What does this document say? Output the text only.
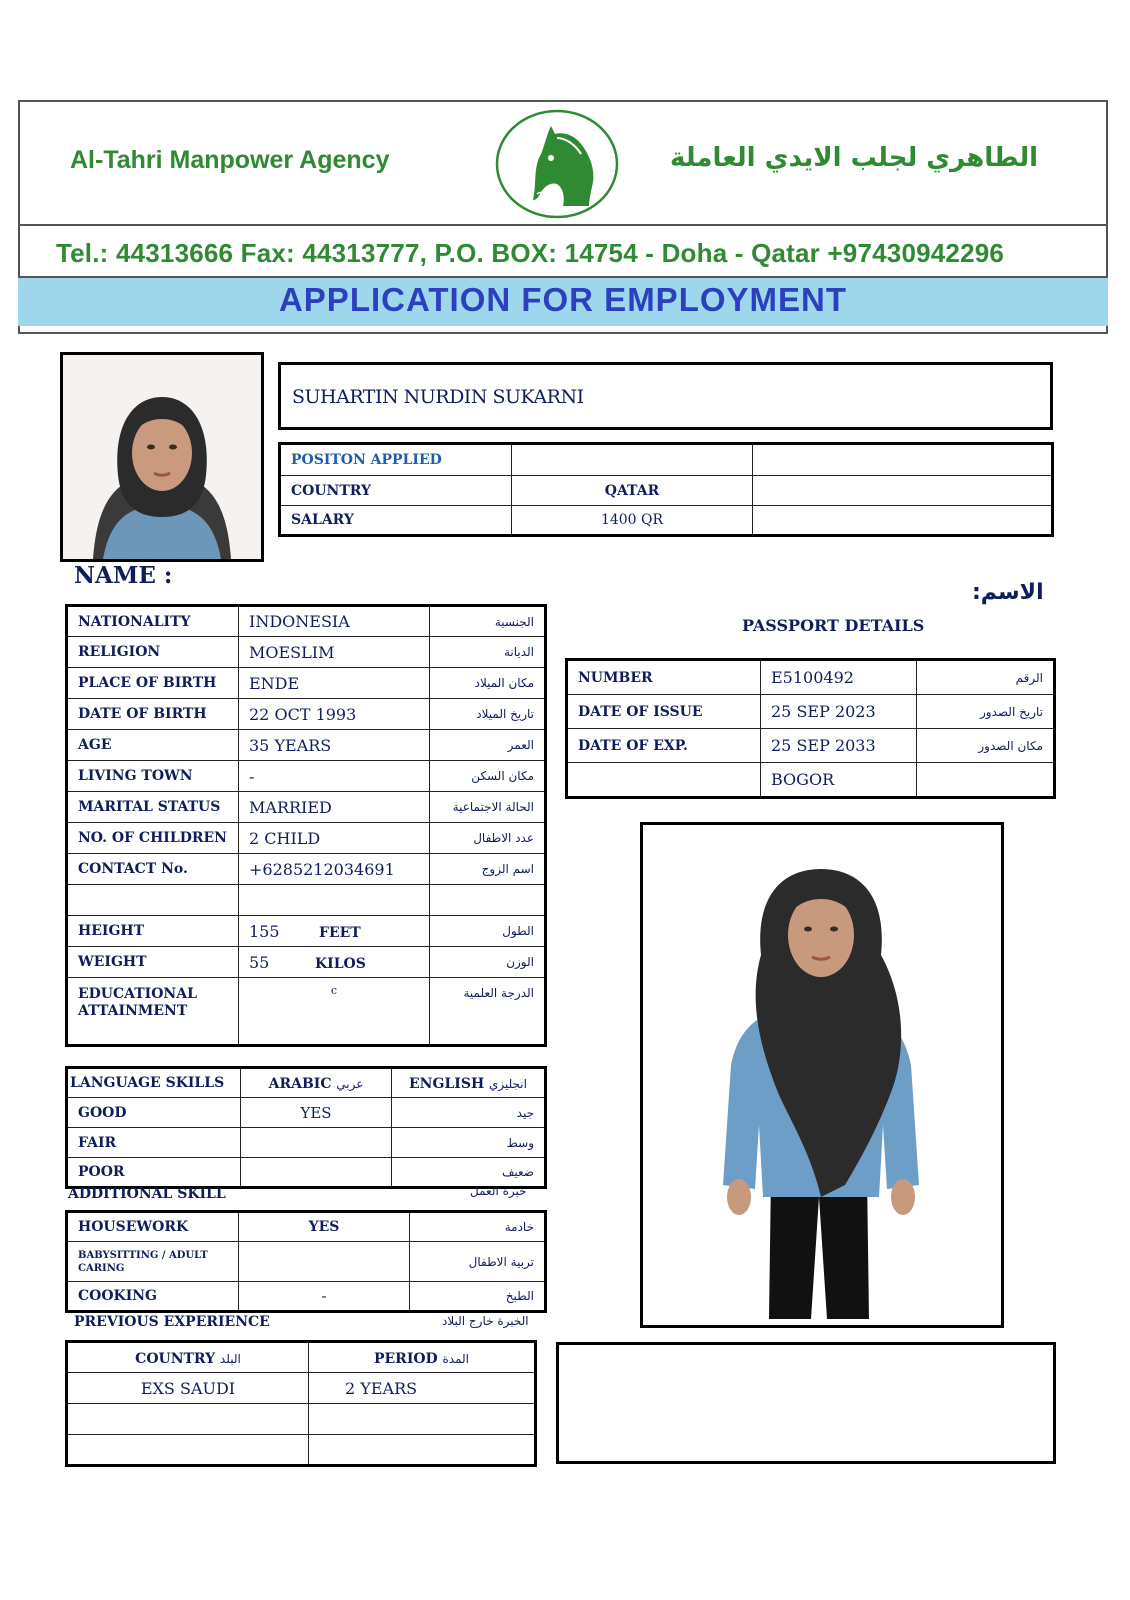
Al-Tahri Manpower Agency	الطاهري لجلب الايدي العاملة
Tel.: 44313666 Fax: 44313777, P.O. BOX: 14754 - Doha - Qatar +97430942296
APPLICATION FOR EMPLOYMENT
SUHARTIN NURDIN SUKARNI
POSITON APPLIED		
COUNTRY	QATAR	
SALARY	1400 QR	
NAME :
الاسم:
NATIONALITY	INDONESIA	الجنسية
RELIGION	MOESLIM	الديانة
PLACE OF BIRTH	ENDE	مكان الميلاد
DATE OF BIRTH	22 OCT 1993	تاريخ الميلاد
AGE	35 YEARS	العمر
LIVING TOWN	-	مكان السكن
MARITAL STATUS	MARRIED	الحالة الاجتماعية
NO. OF CHILDREN	2 CHILD	عدد الاطفال
CONTACT No.	+6285212034691	اسم الزوج

HEIGHT	155 FEET	الطول
WEIGHT	55 KILOS	الوزن
EDUCATIONAL ATTAINMENT	c	الدرجة العلمية
PASSPORT DETAILS
NUMBER	E5100492	الرقم
DATE OF ISSUE	25 SEP 2023	تاريخ الصدور
DATE OF EXP.	25 SEP 2033	مكان الصدور
	BOGOR	
LANGUAGE SKILLS	ARABIC عربي	ENGLISH انجليزي
GOOD	YES	جيد
FAIR		وسط
POOR		ضعيف
ADDITIONAL SKILL	خبرة العمل
HOUSEWORK	YES	خادمة
BABYSITTING / ADULT CARING		تربية الاطفال
COOKING	-	الطبخ
PREVIOUS EXPERIENCE	الخبرة خارج البلاد
COUNTRY البلد	PERIOD المدة
EXS SAUDI	2 YEARS
